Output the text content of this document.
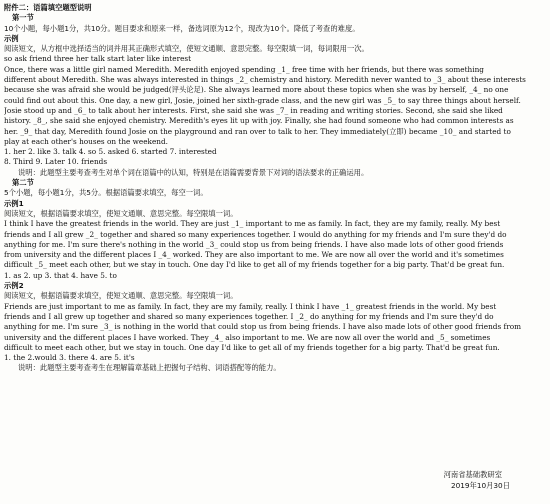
附件二：语篇填空题型说明
第一节
10个小题，每小题1分，共10分。题目要求和原来一样，备选词原为12个，现改为10个。降低了考查的难度。
示例
阅读短文，从方框中选择适当的词并用其正确形式填空，使短文通顺、意思完整。每空限填一词，每词限用一次。
so ask friend three her talk start later like interest
Once, there was a little girl named Meredith. Meredith enjoyed spending _1_ free time with her friends, but there was something
different about Meredith. She was always interested in things _2_ chemistry and history. Meredith never wanted to _3_ about these interests
because she was afraid she would be judged(评头论足). She always learned more about these topics when she was by herself, _4_ no one
could find out about this. One day, a new girl, Josie, joined her sixth-grade class, and the new girl was _5_ to say three things about herself.
Josie stood up and _6_ to talk about her interests. First, she said she was _7_ in reading and writing stories. Second, she said she liked
history. _8_, she said she enjoyed chemistry. Meredith's eyes lit up with joy. Finally, she had found someone who had common interests as
her. _9_ that day, Meredith found Josie on the playground and ran over to talk to her. They immediately(立即) became _10_ and started to
play at each other's houses on the weekend.
1. her 2. like 3. talk 4. so 5. asked 6. started 7. interested
8. Third 9. Later 10. friends
说明：此题型主要考查考生对单个词在语篇中的认知，特别是在语篇需要背景下对词的语法要求的正确运用。
第二节
5个小题，每小题1分，共5分。根据语篇要求填空，每空一词。
示例1
阅读短文，根据语篇要求填空，使短文通顺、意思完整。每空限填一词。
I think I have the greatest friends in the world. They are just _1_ important to me as family. In fact, they are my family, really. My best
friends and I all grew _2_ together and shared so many experiences together. I would do anything for my friends and I'm sure they'd do
anything for me. I'm sure there's nothing in the world _3_ could stop us from being friends. I have also made lots of other good friends
from university and the different places I _4_ worked. They are also important to me. We are now all over the world and it's sometimes
difficult _5_ meet each other, but we stay in touch. One day I'd like to get all of my friends together for a big party. That'd be great fun.
1. as 2. up 3. that 4. have 5. to
示例2
阅读短文，根据语篇要求填空，使短文通顺、意思完整。每空限填一词。
Friends are just important to me as family. In fact, they are my family, really. I think I have _1_ greatest friends in the world. My best
friends and I all grew up together and shared so many experiences together. I _2_ do anything for my friends and I'm sure they'd do
anything for me. I'm sure _3_ is nothing in the world that could stop us from being friends. I have also made lots of other good friends from
university and the different places I have worked. They _4_ also important to me. We are now all over the world and _5_ sometimes
difficult to meet each other, but we stay in touch. One day I'd like to get all of my friends together for a big party. That'd be great fun.
1. the 2.would 3. there 4. are 5. it's
说明：此题型主要考查考生在理解篇章基础上把握句子结构、词语搭配等的能力。
河南省基础教研室
2019年10月30日
